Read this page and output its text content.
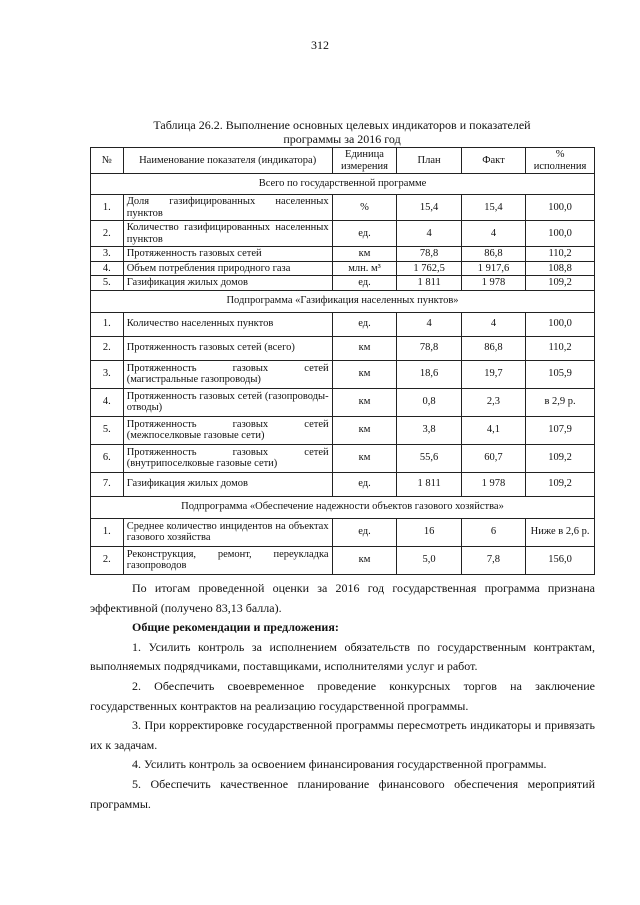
312
Таблица 26.2. Выполнение основных целевых индикаторов и показателей
программы за 2016 год
№	Наименование показателя (индикатора)	Единица измерения	План	Факт	% исполнения
Всего по государственной программе					
1.	Доля газифицированных населенных пунктов	%	15,4	15,4	100,0
2.	Количество газифицированных населенных пунктов	ед.	4	4	100,0
3.	Протяженность газовых сетей	км	78,8	86,8	110,2
4.	Объем потребления природного газа	млн. м³	1 762,5	1 917,6	108,8
5.	Газификация жилых домов	ед.	1 811	1 978	109,2
Подпрограмма «Газификация населенных пунктов»					
1.	Количество населенных пунктов	ед.	4	4	100,0
2.	Протяженность газовых сетей (всего)	км	78,8	86,8	110,2
3.	Протяженность газовых сетей (магистральные газопроводы)	км	18,6	19,7	105,9
4.	Протяженность газовых сетей (газопроводы-отводы)	км	0,8	2,3	в 2,9 р.
5.	Протяженность газовых сетей (межпоселковые газовые сети)	км	3,8	4,1	107,9
6.	Протяженность газовых сетей (внутрипоселковые газовые сети)	км	55,6	60,7	109,2
7.	Газификация жилых домов	ед.	1 811	1 978	109,2
Подпрограмма «Обеспечение надежности объектов газового хозяйства»					
1.	Среднее количество инцидентов на объектах газового хозяйства	ед.	16	6	Ниже в 2,6 р.
2.	Реконструкция, ремонт, переукладка газопроводов	км	5,0	7,8	156,0

По итогам проведенной оценки за 2016 год государственная программа признана эффективной (получено 83,13 балла).

Общие рекомендации и предложения:

1. Усилить контроль за исполнением обязательств по государственным контрактам, выполняемых подрядчиками, поставщиками, исполнителями услуг и работ.

2. Обеспечить своевременное проведение конкурсных торгов на заключение государственных контрактов на реализацию государственной программы.

3. При корректировке государственной программы пересмотреть индикаторы и привязать их к задачам.

4. Усилить контроль за освоением финансирования государственной программы.

5. Обеспечить качественное планирование финансового обеспечения мероприятий программы.
